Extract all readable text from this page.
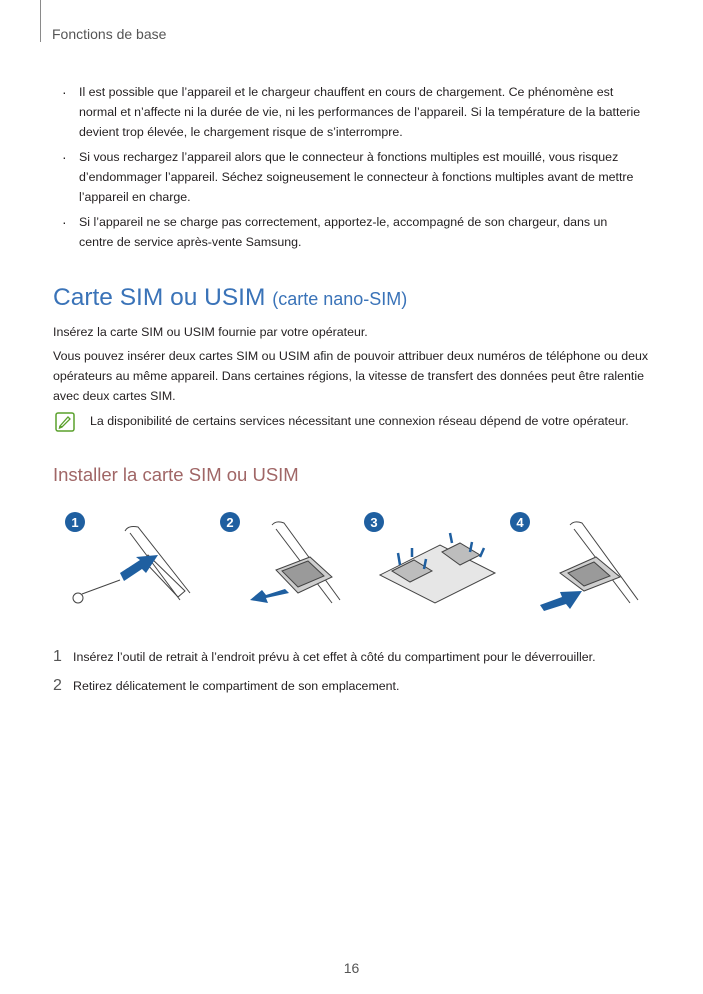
Fonctions de base
· Il est possible que l’appareil et le chargeur chauffent en cours de chargement. Ce phénomène est normal et n’affecte ni la durée de vie, ni les performances de l’appareil. Si la température de la batterie devient trop élevée, le chargement risque de s’interrompre.
· Si vous rechargez l’appareil alors que le connecteur à fonctions multiples est mouillé, vous risquez d’endommager l’appareil. Séchez soigneusement le connecteur à fonctions multiples avant de mettre l’appareil en charge.
· Si l’appareil ne se charge pas correctement, apportez-le, accompagné de son chargeur, dans un centre de service après-vente Samsung.
Carte SIM ou USIM (carte nano-SIM)

Insérez la carte SIM ou USIM fournie par votre opérateur.

Vous pouvez insérer deux cartes SIM ou USIM afin de pouvoir attribuer deux numéros de téléphone ou deux opérateurs au même appareil. Dans certaines régions, la vitesse de transfert des données peut être ralentie avec deux cartes SIM.

La disponibilité de certains services nécessitant une connexion réseau dépend de votre opérateur.
Installer la carte SIM ou USIM
1	2	3	4
1 Insérez l’outil de retrait à l’endroit prévu à cet effet à côté du compartiment pour le déverrouiller.
2 Retirez délicatement le compartiment de son emplacement.
16
